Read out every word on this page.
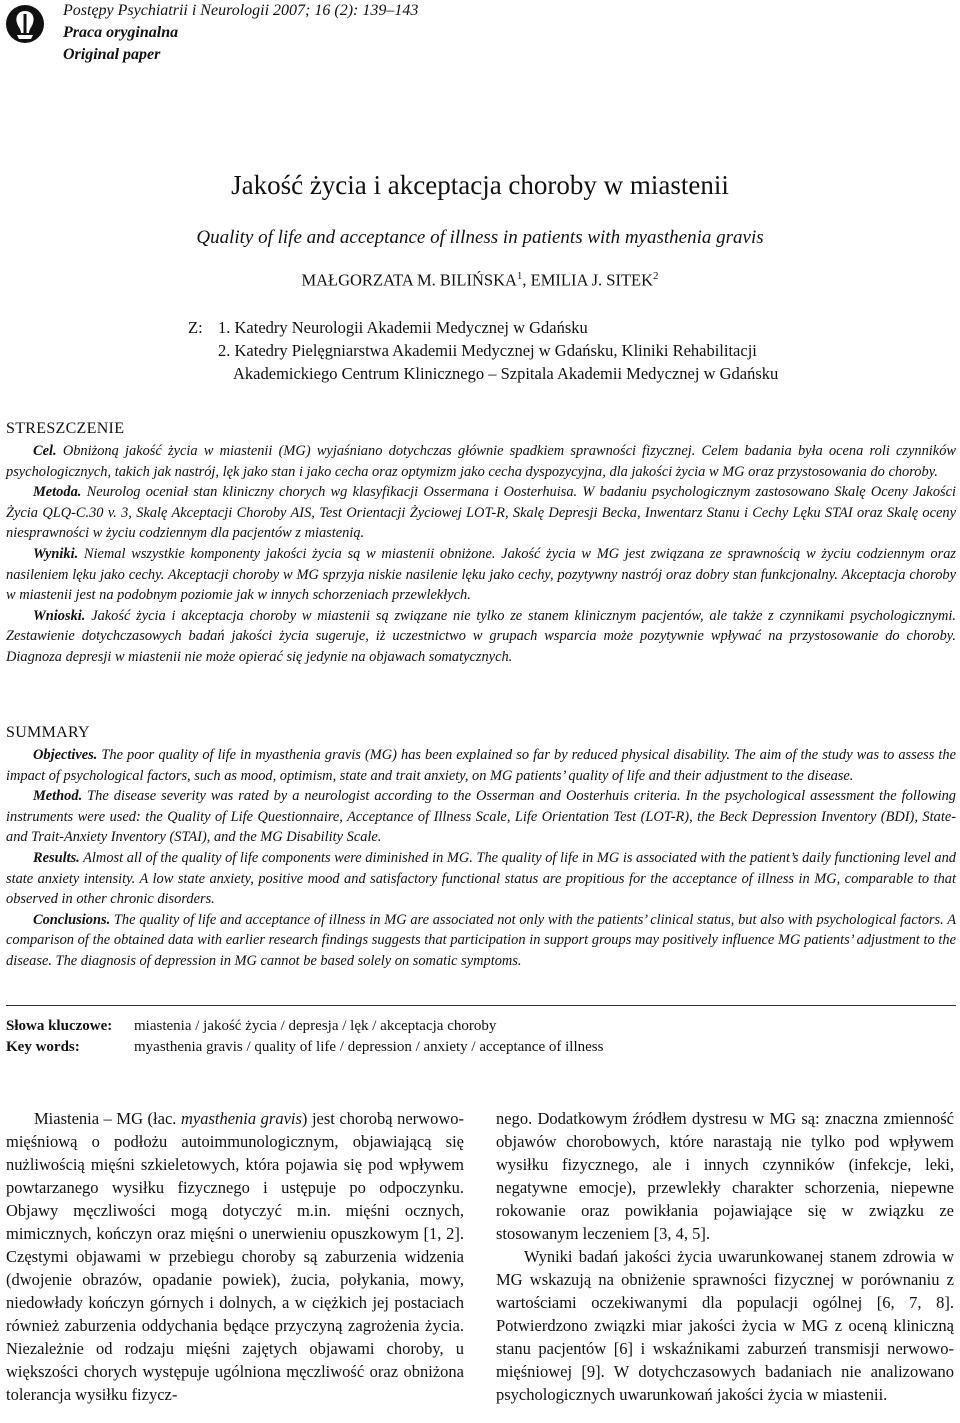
Postępy Psychiatrii i Neurologii 2007; 16 (2): 139–143
Praca oryginalna
Original paper
Jakość życia i akceptacja choroby w miastenii
Quality of life and acceptance of illness in patients with myasthenia gravis
MAŁGORZATA M. BILIŃSKA$^1$, EMILIA J. SITEK$^2$
Z: 1. Katedry Neurologii Akademii Medycznej w Gdańsku
2. Katedry Pielęgniarstwa Akademii Medycznej w Gdańsku, Kliniki Rehabilitacji
Akademickiego Centrum Klinicznego – Szpitala Akademii Medycznej w Gdańsku
STRESZCZENIE

Cel. Obniżoną jakość życia w miastenii (MG) wyjaśniano dotychczas głównie spadkiem sprawności fizycznej. Celem badania była ocena roli czynników psychologicznych, takich jak nastrój, lęk jako stan i jako cecha oraz optymizm jako cecha dyspozycyjna, dla jakości życia w MG oraz przystosowania do choroby.

Metoda. Neurolog oceniał stan kliniczny chorych wg klasyfikacji Ossermana i Oosterhuisa. W badaniu psychologicznym zastosowano Skalę Oceny Jakości Życia QLQ-C.30 v. 3, Skalę Akceptacji Choroby AIS, Test Orientacji Życiowej LOT-R, Skalę Depresji Becka, Inwentarz Stanu i Cechy Lęku STAI oraz Skalę oceny niesprawności w życiu codziennym dla pacjentów z miastenią.

Wyniki. Niemal wszystkie komponenty jakości życia są w miastenii obniżone. Jakość życia w MG jest związana ze sprawnością w życiu codziennym oraz nasileniem lęku jako cechy. Akceptacji choroby w MG sprzyja niskie nasilenie lęku jako cechy, pozytywny nastrój oraz dobry stan funkcjonalny. Akceptacja choroby w miastenii jest na podobnym poziomie jak w innych schorzeniach przewlekłych.

Wnioski. Jakość życia i akceptacja choroby w miastenii są związane nie tylko ze stanem klinicznym pacjentów, ale także z czynnikami psychologicznymi. Zestawienie dotychczasowych badań jakości życia sugeruje, iż uczestnictwo w grupach wsparcia może pozytywnie wpływać na przystosowanie do choroby. Diagnoza depresji w miastenii nie może opierać się jedynie na objawach somatycznych.

SUMMARY

Objectives. The poor quality of life in myasthenia gravis (MG) has been explained so far by reduced physical disability. The aim of the study was to assess the impact of psychological factors, such as mood, optimism, state and trait anxiety, on MG patients’ quality of life and their adjustment to the disease.

Method. The disease severity was rated by a neurologist according to the Osserman and Oosterhuis criteria. In the psychological assessment the following instruments were used: the Quality of Life Questionnaire, Acceptance of Illness Scale, Life Orientation Test (LOT-R), the Beck Depression Inventory (BDI), State- and Trait-Anxiety Inventory (STAI), and the MG Disability Scale.

Results. Almost all of the quality of life components were diminished in MG. The quality of life in MG is associated with the patient’s daily functioning level and state anxiety intensity. A low state anxiety, positive mood and satisfactory functional status are propitious for the acceptance of illness in MG, comparable to that observed in other chronic disorders.

Conclusions. The quality of life and acceptance of illness in MG are associated not only with the patients’ clinical status, but also with psychological factors. A comparison of the obtained data with earlier research findings suggests that participation in support groups may positively influence MG patients’ adjustment to the disease. The diagnosis of depression in MG cannot be based solely on somatic symptoms.

Słowa kluczowe: miastenia / jakość życia / depresja / lęk / akceptacja choroby
Key words:	myasthenia gravis / quality of life / depression / anxiety / acceptance of illness

Miastenia – MG (łac. myasthenia gravis) jest chorobą nerwowo-mięśniową o podłożu autoimmunologicznym, objawiającą się nużliwością mięśni szkieletowych, która pojawia się pod wpływem powtarzanego wysiłku fizycznego i ustępuje po odpoczynku. Objawy męczliwości mogą dotyczyć m.in. mięśni ocznych, mimicznych, kończyn oraz mięśni o unerwieniu opuszkowym [1, 2]. Częstymi objawami w przebiegu choroby są zaburzenia widzenia (dwojenie obrazów, opadanie powiek), żucia, połykania, mowy, niedowłady kończyn górnych i dolnych, a w ciężkich jej postaciach również zaburzenia oddychania będące przyczyną zagrożenia życia. Niezależnie od rodzaju mięśni zajętych objawami choroby, u większości chorych występuje ugólniona męczliwość oraz obniżona tolerancja wysiłku fizycz-

nego. Dodatkowym źródłem dystresu w MG są: znaczna zmienność objawów chorobowych, które narastają nie tylko pod wpływem wysiłku fizycznego, ale i innych czynników (infekcje, leki, negatywne emocje), przewlekły charakter schorzenia, niepewne rokowanie oraz powikłania pojawiające się w związku ze stosowanym leczeniem [3, 4, 5].

Wyniki badań jakości życia uwarunkowanej stanem zdrowia w MG wskazują na obniżenie sprawności fizycznej w porównaniu z wartościami oczekiwanymi dla populacji ogólnej [6, 7, 8]. Potwierdzono związki miar jakości życia w MG z oceną kliniczną stanu pacjentów [6] i wskaźnikami zaburzeń transmisji nerwowo-mięśniowej [9]. W dotychczasowych badaniach nie analizowano psychologicznych uwarunkowań jakości życia w miastenii.
